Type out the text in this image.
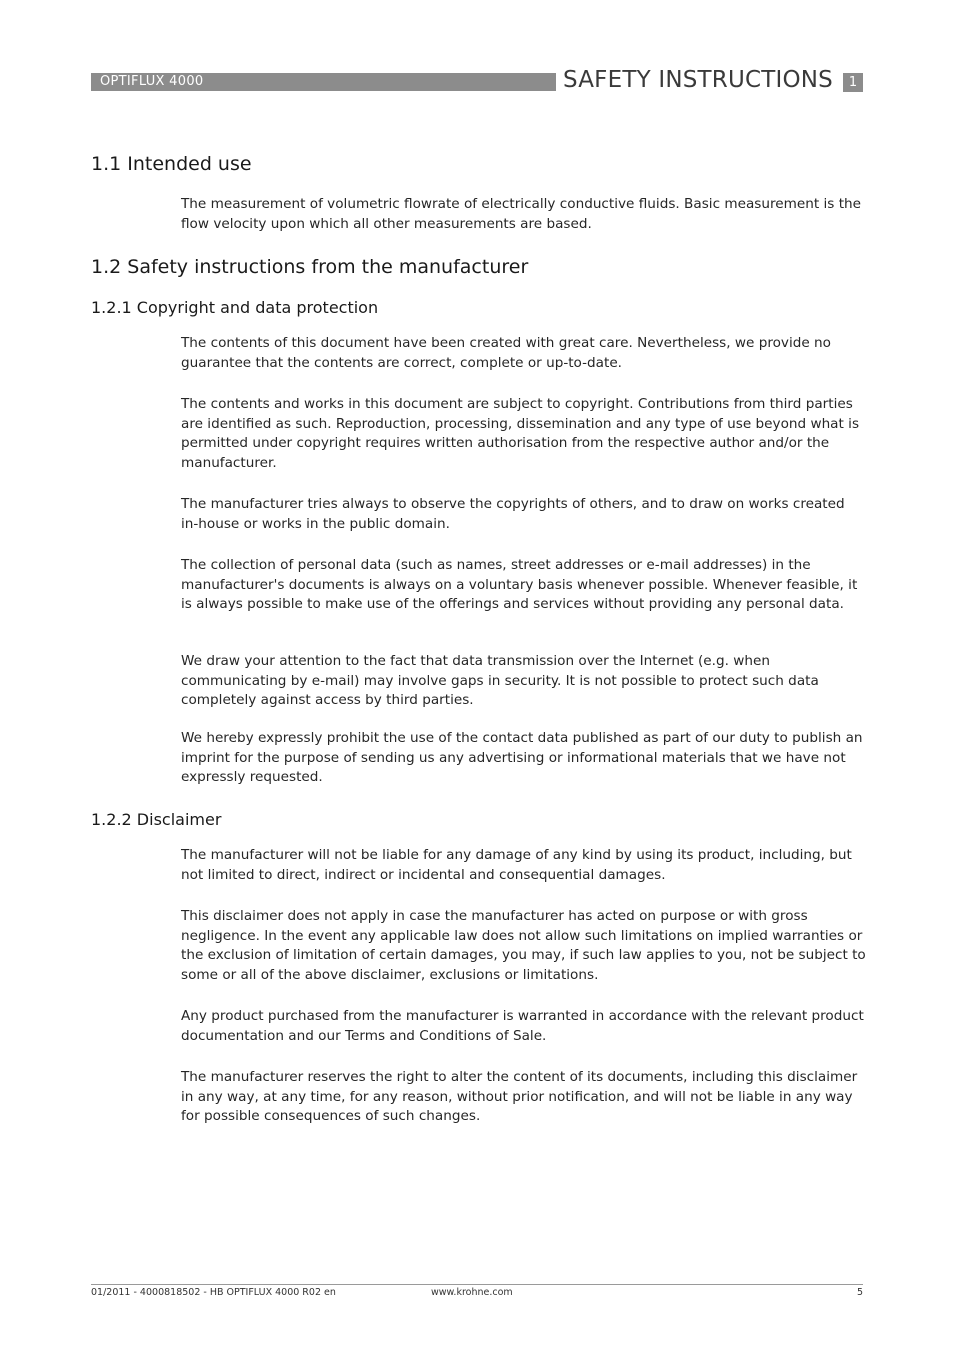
OPTIFLUX 4000	SAFETY INSTRUCTIONS	1
1.1 Intended use

The measurement of volumetric flowrate of electrically conductive fluids. Basic measurement is the flow velocity upon which all other measurements are based.

1.2 Safety instructions from the manufacturer
1.2.1 Copyright and data protection

The contents of this document have been created with great care. Nevertheless, we provide no guarantee that the contents are correct, complete or up-to-date.

The contents and works in this document are subject to copyright. Contributions from third parties are identified as such. Reproduction, processing, dissemination and any type of use beyond what is permitted under copyright requires written authorisation from the respective author and/or the manufacturer.

The manufacturer tries always to observe the copyrights of others, and to draw on works created in-house or works in the public domain.

The collection of personal data (such as names, street addresses or e-mail addresses) in the manufacturer's documents is always on a voluntary basis whenever possible. Whenever feasible, it is always possible to make use of the offerings and services without providing any personal data.

We draw your attention to the fact that data transmission over the Internet (e.g. when communicating by e-mail) may involve gaps in security. It is not possible to protect such data completely against access by third parties.

We hereby expressly prohibit the use of the contact data published as part of our duty to publish an imprint for the purpose of sending us any advertising or informational materials that we have not expressly requested.

1.2.2 Disclaimer

The manufacturer will not be liable for any damage of any kind by using its product, including, but not limited to direct, indirect or incidental and consequential damages.

This disclaimer does not apply in case the manufacturer has acted on purpose or with gross negligence. In the event any applicable law does not allow such limitations on implied warranties or the exclusion of limitation of certain damages, you may, if such law applies to you, not be subject to some or all of the above disclaimer, exclusions or limitations.

Any product purchased from the manufacturer is warranted in accordance with the relevant product documentation and our Terms and Conditions of Sale.

The manufacturer reserves the right to alter the content of its documents, including this disclaimer in any way, at any time, for any reason, without prior notification, and will not be liable in any way for possible consequences of such changes.

01/2011 - 4000818502 - HB OPTIFLUX 4000 R02 en	www.krohne.com	5
